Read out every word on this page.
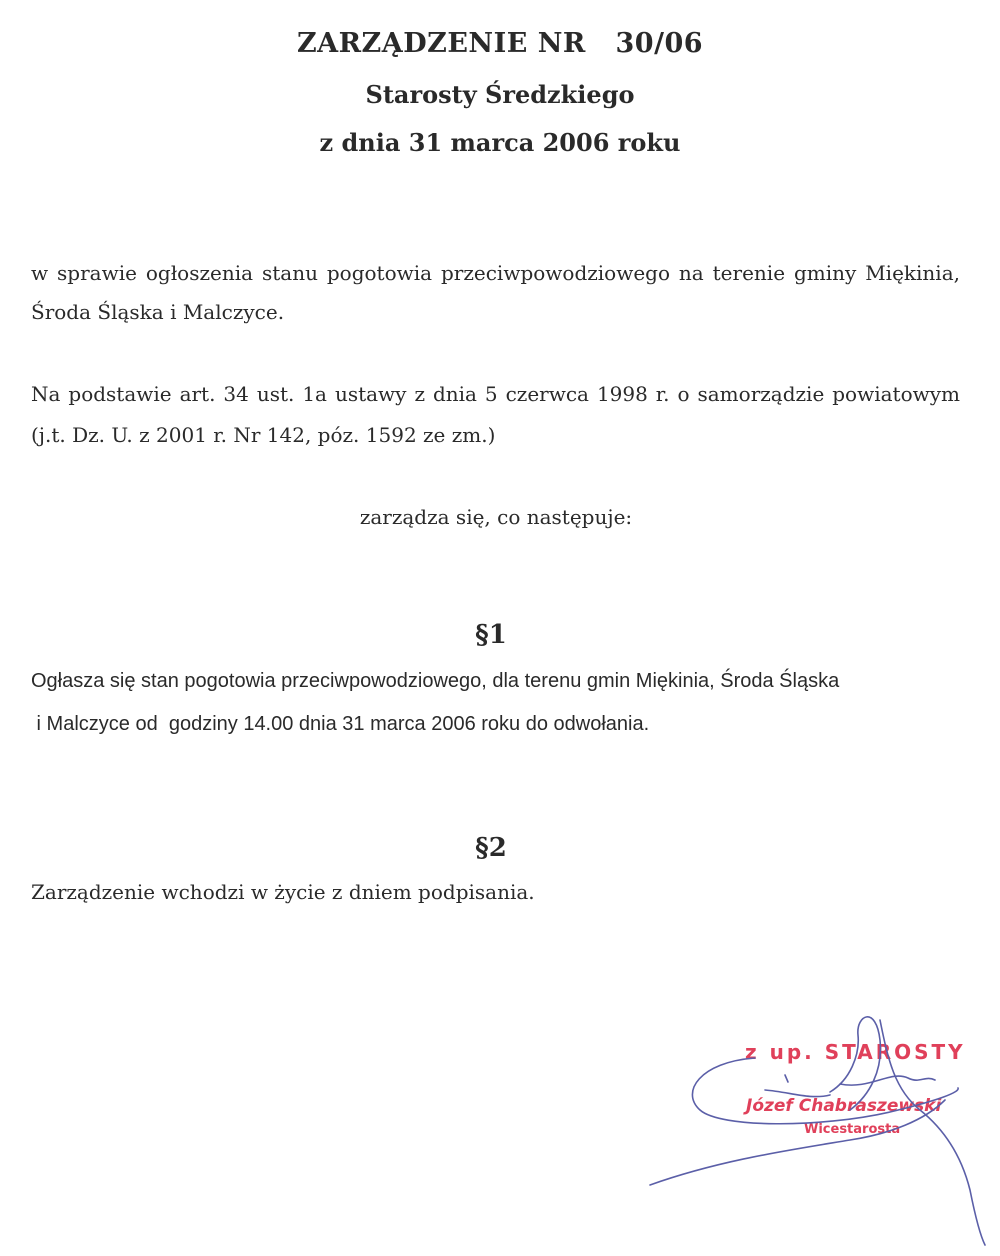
ZARZĄDZENIE NR   30/06
Starosty Średzkiego
z dnia 31 marca 2006 roku
w sprawie ogłoszenia stanu pogotowia przeciwpowodziowego na terenie gminy Miękinia,
Środa Śląska i Malczyce.
Na podstawie art. 34 ust. 1a ustawy z dnia 5 czerwca 1998 r. o samorządzie powiatowym
(j.t. Dz. U. z 2001 r. Nr 142, póz. 1592 ze zm.)
zarządza się, co następuje:
§1
Ogłasza się stan pogotowia przeciwpowodziowego, dla terenu gmin Miękinia, Środa Śląska
i Malczyce od  godziny 14.00 dnia 31 marca 2006 roku do odwołania.
§2
Zarządzenie wchodzi w życie z dniem podpisania.
z up. STAROSTY
Józef Chabraszewski
Wicestarosta
